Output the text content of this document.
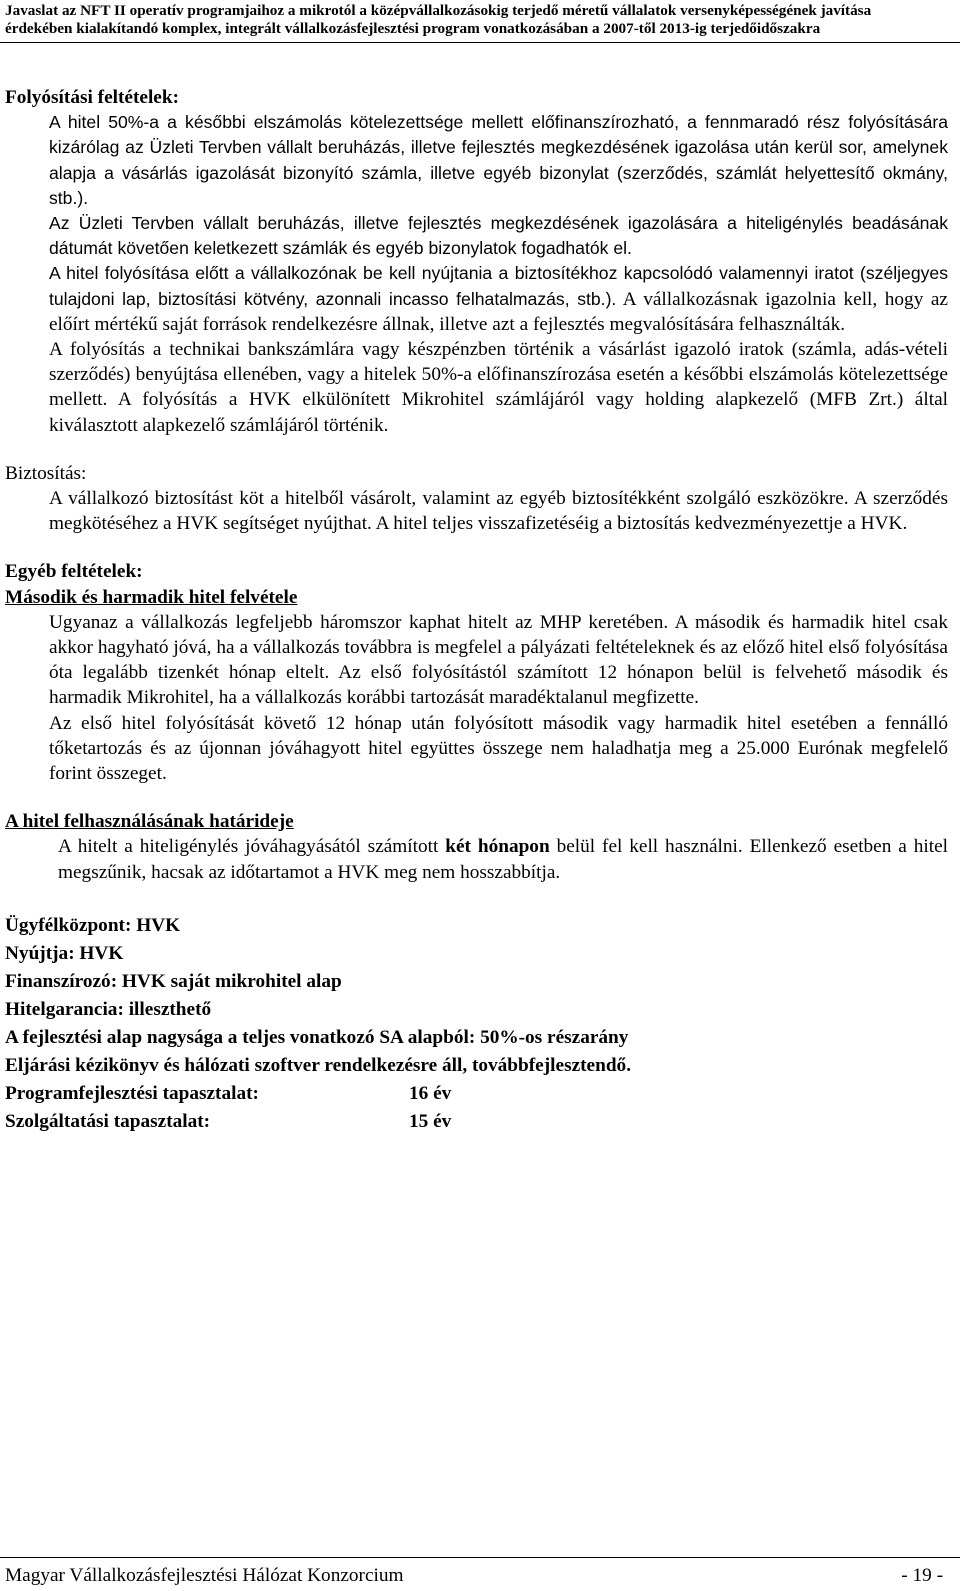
Javaslat az NFT II operatív programjaihoz a mikrotól a középvállalkozásokig terjedő méretű vállalatok versenyképességének javítása
érdekében kialakítandó komplex, integrált vállalkozásfejlesztési program vonatkozásában a 2007-től 2013-ig terjedőidőszakra

Folyósítási feltételek:

A hitel 50%-a a későbbi elszámolás kötelezettsége mellett előfinanszírozható, a fennmaradó rész folyósítására kizárólag az Üzleti Tervben vállalt beruházás, illetve fejlesztés megkezdésének igazolása után kerül sor, amelynek alapja a vásárlás igazolását bizonyító számla, illetve egyéb bizonylat (szerződés, számlát helyettesítő okmány, stb.).

Az Üzleti Tervben vállalt beruházás, illetve fejlesztés megkezdésének igazolására a hiteligénylés beadásának dátumát követően keletkezett számlák és egyéb bizonylatok fogadhatók el.

A hitel folyósítása előtt a vállalkozónak be kell nyújtania a biztosítékhoz kapcsolódó valamennyi iratot (széljegyes tulajdoni lap, biztosítási kötvény, azonnali incasso felhatalmazás, stb.). A vállalkozásnak igazolnia kell, hogy az előírt mértékű saját források rendelkezésre állnak, illetve azt a fejlesztés megvalósítására felhasználták.

A folyósítás a technikai bankszámlára vagy készpénzben történik a vásárlást igazoló iratok (számla, adás-vételi szerződés) benyújtása ellenében, vagy a hitelek 50%-a előfinanszírozása esetén a későbbi elszámolás kötelezettsége mellett. A folyósítás a HVK elkülönített Mikrohitel számlájáról vagy holding alapkezelő (MFB Zrt.) által kiválasztott alapkezelő számlájáról történik.

Biztosítás:

A vállalkozó biztosítást köt a hitelből vásárolt, valamint az egyéb biztosítékként szolgáló eszközökre. A szerződés megkötéséhez a HVK segítséget nyújthat. A hitel teljes visszafizetéséig a biztosítás kedvezményezettje a HVK.

Egyéb feltételek:

Második és harmadik hitel felvétele

Ugyanaz a vállalkozás legfeljebb háromszor kaphat hitelt az MHP keretében. A második és harmadik hitel csak akkor hagyható jóvá, ha a vállalkozás továbbra is megfelel a pályázati feltételeknek és az előző hitel első folyósítása óta legalább tizenkét hónap eltelt. Az első folyósítástól számított 12 hónapon belül is felvehető második és harmadik Mikrohitel, ha a vállalkozás korábbi tartozását maradéktalanul megfizette.

Az első hitel folyósítását követő 12 hónap után folyósított második vagy harmadik hitel esetében a fennálló tőketartozás és az újonnan jóváhagyott hitel együttes összege nem haladhatja meg a 25.000 Eurónak megfelelő forint összeget.

A hitel felhasználásának határideje

A hitelt a hiteligénylés jóváhagyásától számított két hónapon belül fel kell használni. Ellenkező esetben a hitel megszűnik, hacsak az időtartamot a HVK meg nem hosszabbítja.

Ügyfélközpont: HVK
Nyújtja: HVK
Finanszírozó: HVK saját mikrohitel alap
Hitelgarancia: illeszthető
A fejlesztési alap nagysága a teljes vonatkozó SA alapból: 50%-os részarány
Eljárási kézikönyv és hálózati szoftver rendelkezésre áll, továbbfejlesztendő.
Programfejlesztési tapasztalat:	16 év
Szolgáltatási tapasztalat:	15 év
Magyar Vállalkozásfejlesztési Hálózat Konzorcium	- 19 -
